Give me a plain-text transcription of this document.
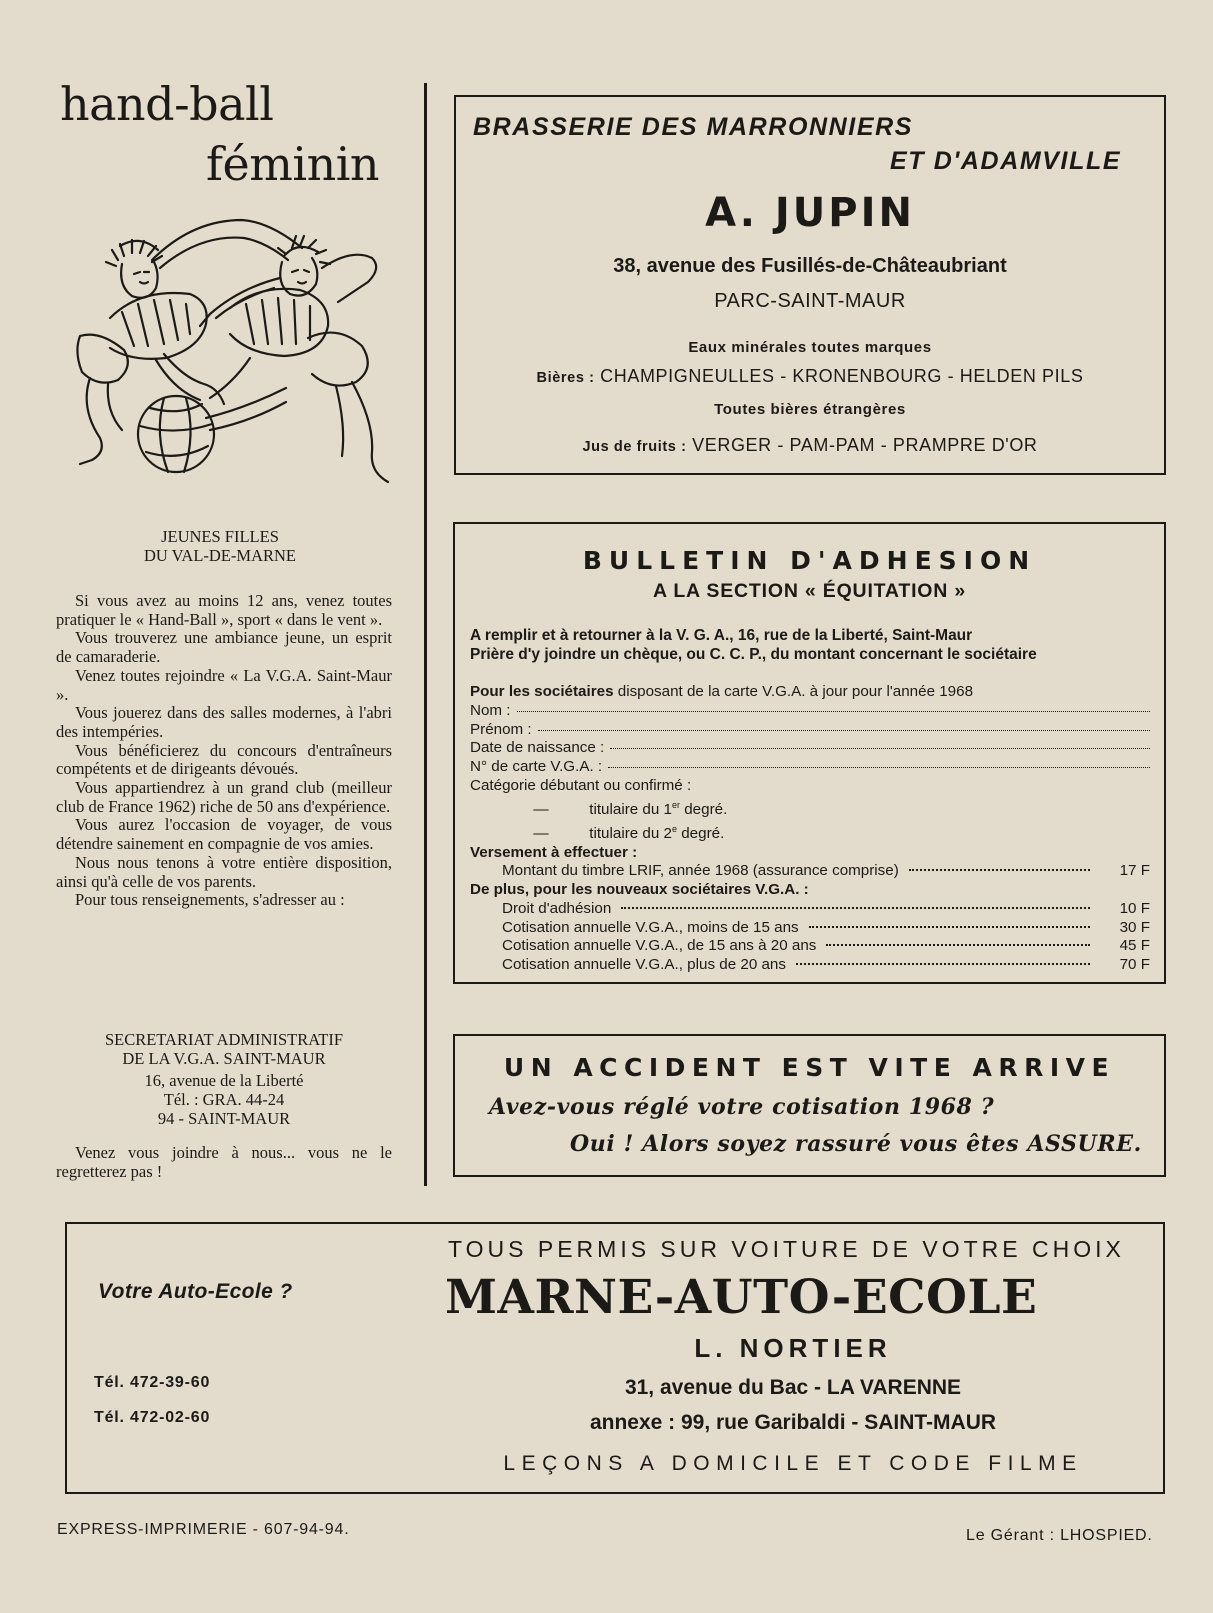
hand-ball
féminin
JEUNES FILLES
DU VAL-DE-MARNE

Si vous avez au moins 12 ans, venez toutes pratiquer le « Hand-Ball », sport « dans le vent ».

Vous trouverez une ambiance jeune, un esprit de camaraderie.

Venez toutes rejoindre « La V.G.A. Saint-Maur ».

Vous jouerez dans des salles modernes, à l'abri des intempéries.

Vous bénéficierez du concours d'entraîneurs compétents et de dirigeants dévoués.

Vous appartiendrez à un grand club (meilleur club de France 1962) riche de 50 ans d'expérience.

Vous aurez l'occasion de voyager, de vous détendre sainement en compagnie de vos amies.

Nous nous tenons à votre entière disposition, ainsi qu'à celle de vos parents.

Pour tous renseignements, s'adresser au :

SECRETARIAT ADMINISTRATIF
DE LA V.G.A. SAINT-MAUR
16, avenue de la Liberté
Tél. : GRA. 44-24
94 - SAINT-MAUR
Venez vous joindre à nous... vous ne le regretterez pas !
BRASSERIE DES MARRONNIERS
ET D'ADAMVILLE
A. JUPIN
38, avenue des Fusillés-de-Châteaubriant
PARC-SAINT-MAUR
Eaux minérales toutes marques
Bières : CHAMPIGNEULLES - KRONENBOURG - HELDEN PILS
Toutes bières étrangères
Jus de fruits : VERGER - PAM-PAM - PRAMPRE D'OR
BULLETIN D'ADHESION
A LA SECTION « ÉQUITATION »
A remplir et à retourner à la V. G. A., 16, rue de la Liberté, Saint-Maur
Prière d'y joindre un chèque, ou C. C. P., du montant concernant le sociétaire
Pour les sociétaires disposant de la carte V.G.A. à jour pour l'année 1968
Nom :
Prénom :
Date de naissance :
N° de carte V.G.A. :
Catégorie débutant ou confirmé :
—	titulaire du 1er degré.
—	titulaire du 2e degré.
Versement à effectuer :
Montant du timbre LRIF, année 1968 (assurance comprise)	17 F
De plus, pour les nouveaux sociétaires V.G.A. :
Droit d'adhésion	10 F
Cotisation annuelle V.G.A., moins de 15 ans	30 F
Cotisation annuelle V.G.A., de 15 ans à 20 ans	45 F
Cotisation annuelle V.G.A., plus de 20 ans	70 F
UN ACCIDENT EST VITE ARRIVE
Avez-vous réglé votre cotisation 1968 ?
Oui ! Alors soyez rassuré vous êtes ASSURE.
Votre Auto-Ecole ?
Tél. 472-39-60
Tél. 472-02-60
TOUS PERMIS SUR VOITURE DE VOTRE CHOIX
MARNE-AUTO-ECOLE
L. NORTIER
31, avenue du Bac - LA VARENNE
annexe : 99, rue Garibaldi - SAINT-MAUR
LEÇONS A DOMICILE ET CODE FILME
EXPRESS-IMPRIMERIE - 607-94-94.	Le Gérant : LHOSPIED.
